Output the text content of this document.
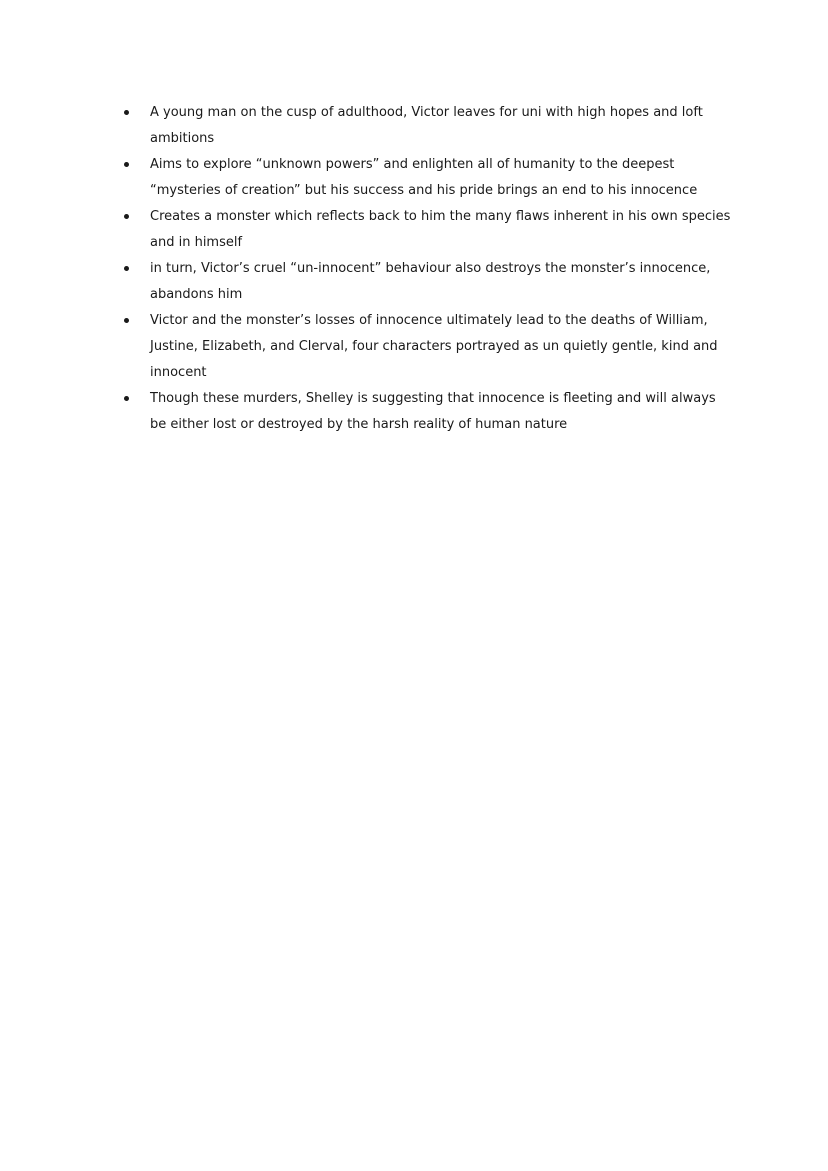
A young man on the cusp of adulthood, Victor leaves for uni with high hopes and loft ambitions
Aims to explore “unknown powers” and enlighten all of humanity to the deepest “mysteries of creation” but his success and his pride brings an end to his innocence
Creates a monster which reflects back to him the many flaws inherent in his own species and in himself
in turn, Victor’s cruel “un-innocent” behaviour also destroys the monster’s innocence, abandons him
Victor and the monster’s losses of innocence ultimately lead to the deaths of William, Justine, Elizabeth, and Clerval, four characters portrayed as un quietly gentle, kind and innocent
Though these murders, Shelley is suggesting that innocence is fleeting and will always be either lost or destroyed by the harsh reality of human nature
